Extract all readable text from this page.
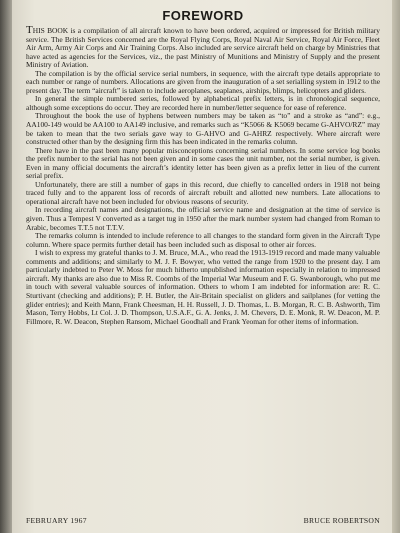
FOREWORD

THIS BOOK is a compilation of all aircraft known to have been ordered, acquired or impressed for British military service. The British Services concerned are the Royal Flying Corps, Royal Naval Air Service, Royal Air Force, Fleet Air Arm, Army Air Corps and Air Training Corps. Also included are service aircraft held on charge by Ministries that have acted as agencies for the Services, viz., the past Ministry of Munitions and Ministry of Supply and the present Ministry of Aviation.

The compilation is by the official service serial numbers, in sequence, with the aircraft type details appropriate to each number or range of numbers. Allocations are given from the inauguration of a set serialling system in 1912 to the present day. The term “aircraft” is taken to include aeroplanes, seaplanes, airships, blimps, helicopters and gliders.

In general the simple numbered series, followed by alphabetical prefix letters, is in chronological sequence, although some exceptions do occur. They are recorded here in number/letter sequence for ease of reference.

Throughout the book the use of hyphens between numbers may be taken as “to” and a stroke as “and”: e.g., AA100-149 would be AA100 to AA149 inclusive, and remarks such as “K5066 & K5069 became G-AHVO/RZ” may be taken to mean that the two serials gave way to G-AHVO and G-AHRZ respectively. Where aircraft were constructed other than by the designing firm this has been indicated in the remarks column.

There have in the past been many popular misconceptions concerning serial numbers. In some service log books the prefix number to the serial has not been given and in some cases the unit number, not the serial number, is given. Even in many official documents the aircraft’s identity letter has been given as a prefix letter in lieu of the current serial prefix.

Unfortunately, there are still a number of gaps in this record, due chiefly to cancelled orders in 1918 not being traced fully and to the apparent loss of records of aircraft rebuilt and allotted new numbers. Late allocations to operational aircraft have not been included for obvious reasons of security.

In recording aircraft names and designations, the official service name and designation at the time of service is given. Thus a Tempest V converted as a target tug in 1950 after the mark number system had changed from Roman to Arabic, becomes T.T.5 not T.T.V.

The remarks column is intended to include reference to all changes to the standard form given in the Aircraft Type column. Where space permits further detail has been included such as disposal to other air forces.

I wish to express my grateful thanks to J. M. Bruce, M.A., who read the 1913-1919 record and made many valuable comments and additions; and similarly to M. J. F. Bowyer, who vetted the range from 1920 to the present day. I am particularly indebted to Peter W. Moss for much hitherto unpublished information especially in relation to impressed aircraft. My thanks are also due to Miss R. Coombs of the Imperial War Museum and F. G. Swanborough, who put me in touch with several valuable sources of information. Others to whom I am indebted for information are: R. C. Sturtivant (checking and additions); P. H. Butler, the Air-Britain specialist on gliders and sailplanes (for vetting the glider entries); and Keith Mann, Frank Cheesman, H. H. Russell, J. D. Thomas, L. B. Morgan, R. C. B. Ashworth, Tim Mason, Terry Hobbs, Lt Col. J. D. Thompson, U.S.A.F., G. A. Jenks, J. M. Chevers, D. E. Monk, R. W. Deacon, M. P. Fillmore, R. W. Deacon, Stephen Ransom, Michael Goodhall and Frank Yeoman for other items of information.

FEBRUARY 1967	BRUCE ROBERTSON
